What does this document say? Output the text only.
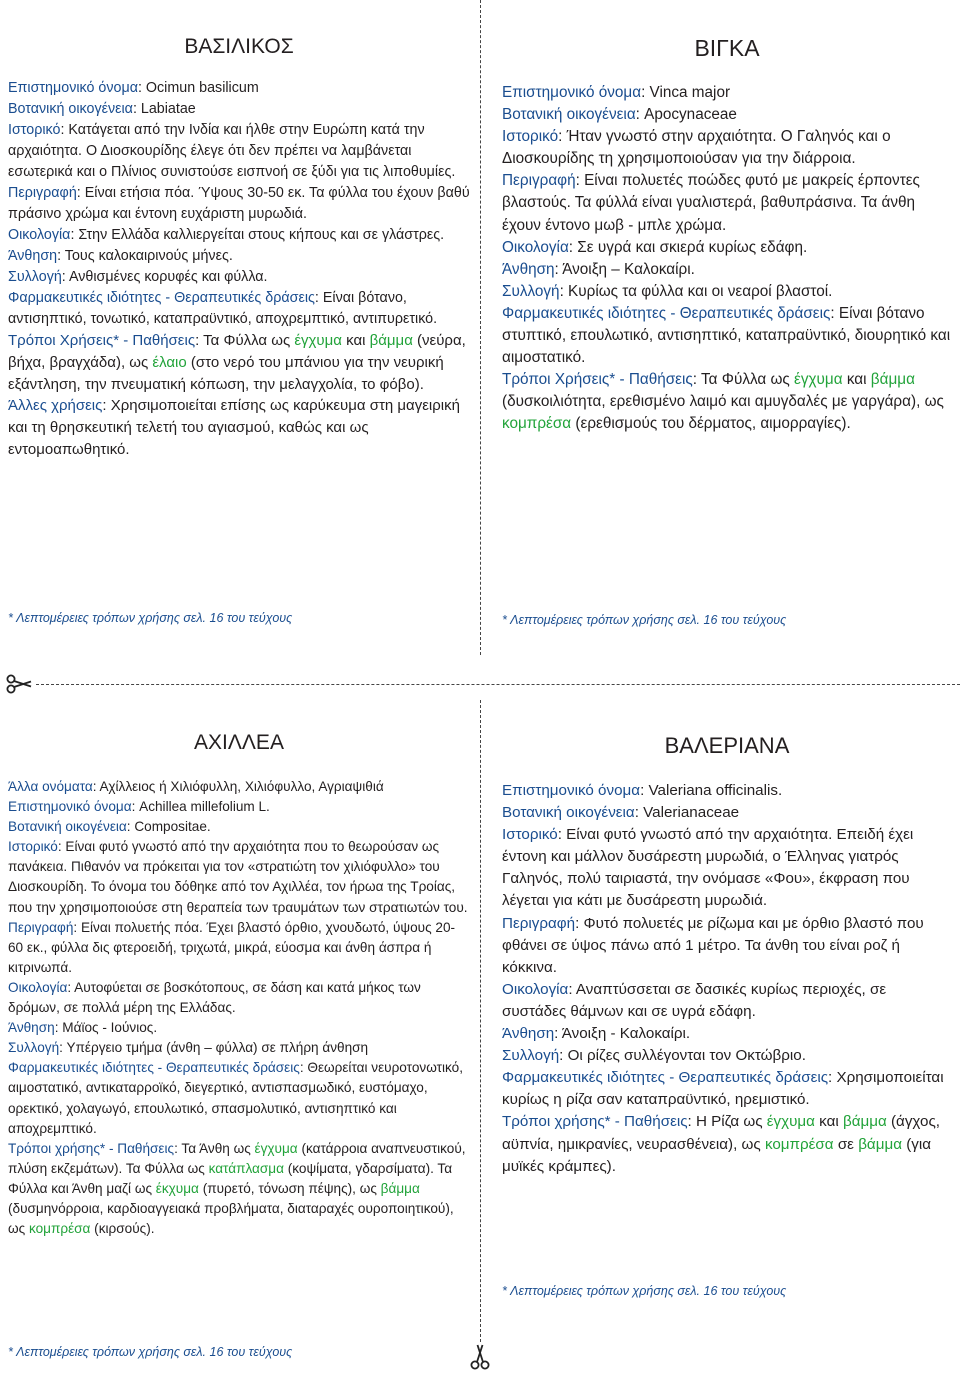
ΒΑΣΙΛΙΚΟΣ

Επιστημονικό όνομα: Ocimun basilicum

Βοτανική οικογένεια: Labiatae

Ιστορικό: Κατάγεται από την Ινδία και ήλθε στην Ευρώπη κατά την αρχαιότητα. Ο Διοσκουρίδης έλεγε ότι δεν πρέπει να λαμβάνεται εσωτερικά και ο Πλίνιος συνιστούσε εισπνοή σε ξύδι για τις λιποθυμίες.

Περιγραφή: Είναι ετήσια πόα. Ύψους 30-50 εκ. Τα φύλλα του έχουν βαθύ πράσινο χρώμα και έντονη ευχάριστη μυρωδιά.

Οικολογία: Στην Ελλάδα καλλιεργείται στους κήπους και σε γλάστρες.

Άνθηση: Τους καλοκαιρινούς μήνες.

Συλλογή: Ανθισμένες κορυφές και φύλλα.

Φαρμακευτικές ιδιότητες - Θεραπευτικές δράσεις: Είναι βότανο, αντισηπτικό, τονωτικό, καταπραϋντικό, αποχρεμπτικό, αντιπυρετικό.

Τρόποι Χρήσεις* - Παθήσεις: Τα Φύλλα ως έγχυμα και βάμμα (νεύρα, βήχα, βραγχάδα), ως έλαιο (στο νερό του μπάνιου για την νευρική εξάντληση, την πνευματική κόπωση, την μελαγχολία, το φόβο).

Άλλες χρήσεις: Χρησιμοποιείται επίσης ως καρύκευμα στη μαγειρική και τη θρησκευτική τελετή του αγιασμού, καθώς και ως εντομοαπωθητικό.

* Λεπτομέρειες τρόπων χρήσης σελ. 16 του τεύχους

ΒΙΓΚΑ

Επιστημονικό όνομα: Vinca major

Βοτανική οικογένεια: Apocynaceae

Ιστορικό: Ήταν γνωστό στην αρχαιότητα. Ο Γαληνός και ο Διοσκουρίδης τη χρησιμοποιούσαν για την διάρροια.

Περιγραφή: Είναι πολυετές ποώδες φυτό με μακρείς έρποντες βλαστούς. Τα φύλλά είναι γυαλιστερά, βαθυπράσινα. Τα άνθη έχουν έντονο μωβ - μπλε χρώμα.

Οικολογία: Σε υγρά και σκιερά κυρίως εδάφη.

Άνθηση: Άνοιξη – Καλοκαίρι.

Συλλογή: Κυρίως τα φύλλα και οι νεαροί βλαστοί.

Φαρμακευτικές ιδιότητες - Θεραπευτικές δράσεις: Είναι βότανο στυπτικό, επουλωτικό, αντισηπτικό, καταπραϋντικό, διουρητικό και αιμοστατικό.

Τρόποι Χρήσεις* - Παθήσεις: Τα Φύλλα ως έγχυμα και βάμμα (δυσκοιλιότητα, ερεθισμένο λαιμό και αμυγδαλές με γαργάρα), ως κομπρέσα (ερεθισμούς του δέρματος, αιμορραγίες).

* Λεπτομέρειες τρόπων χρήσης σελ. 16 του τεύχους

ΑΧΙΛΛΕΑ

Άλλα ονόματα: Αχίλλειος ή Χιλιόφυλλη, Χιλιόφυλλο, Αγριαψιθιά

Επιστημονικό όνομα: Achillea millefolium L.

Βοτανική οικογένεια: Compositae.

Ιστορικό: Είναι φυτό γνωστό από την αρχαιότητα που το θεωρούσαν ως πανάκεια. Πιθανόν να πρόκειται για τον «στρατιώτη τον χιλιόφυλλο» του Διοσκουρίδη. Το όνομα του δόθηκε από τον Αχιλλέα, τον ήρωα της Τροίας, που την χρησιμοποιούσε στη θεραπεία των τραυμάτων των στρατιωτών του.

Περιγραφή: Είναι πολυετής πόα. Έχει βλαστό όρθιο, χνουδωτό, ύψους 20-60 εκ., φύλλα δις φτεροειδή, τριχωτά, μικρά, εύοσμα και άνθη άσπρα ή κιτρινωπά.

Οικολογία: Αυτοφύεται σε βοσκότοπους, σε δάση και κατά μήκος των δρόμων, σε πολλά μέρη της Ελλάδας.

Άνθηση: Μάϊος - Ιούνιος.

Συλλογή: Υπέργειο τμήμα (άνθη – φύλλα) σε πλήρη άνθηση

Φαρμακευτικές ιδιότητες - Θεραπευτικές δράσεις: Θεωρείται νευροτονωτικό, αιμοστατικό, αντικαταρροϊκό, διεγερτικό, αντισπασμωδικό, ευστόμαχο, ορεκτικό, χολαγωγό, επουλωτικό, σπασμολυτικό, αντισηπτικό και αποχρεμπτικό.

Τρόποι χρήσης* - Παθήσεις: Τα Άνθη ως έγχυμα (κατάρροια αναπνευστικού, πλύση εκζεμάτων). Τα Φύλλα ως κατάπλασμα (κοψίματα, γδαρσίματα). Τα Φύλλα και Άνθη μαζί ως έκχυμα (πυρετό, τόνωση πέψης), ως βάμμα (δυσμηνόρροια, καρδιοαγγειακά προβλήματα, διαταραχές ουροποιητικού), ως κομπρέσα (κιρσούς).

* Λεπτομέρειες τρόπων χρήσης σελ. 16 του τεύχους

ΒΑΛΕΡΙΑΝΑ

Επιστημονικό όνομα: Valeriana officinalis.

Βοτανική οικογένεια: Valerianaceae

Ιστορικό: Είναι φυτό γνωστό από την αρχαιότητα. Επειδή έχει έντονη και μάλλον δυσάρεστη μυρωδιά, ο Έλληνας γιατρός Γαληνός, πολύ ταιριαστά, την ονόμασε «Φου», έκφραση που λέγεται για κάτι με δυσάρεστη μυρωδιά.

Περιγραφή: Φυτό πολυετές με ρίζωμα και με όρθιο βλαστό που φθάνει σε ύψος πάνω από 1 μέτρο. Τα άνθη του είναι ροζ ή κόκκινα.

Οικολογία: Αναπτύσσεται σε δασικές κυρίως περιοχές, σε συστάδες θάμνων και σε υγρά εδάφη.

Άνθηση: Άνοιξη - Καλοκαίρι.

Συλλογή: Οι ρίζες συλλέγονται τον Οκτώβριο.

Φαρμακευτικές ιδιότητες - Θεραπευτικές δράσεις: Χρησιμοποιείται κυρίως η ρίζα σαν καταπραϋντικό, ηρεμιστικό.

Τρόποι χρήσης* - Παθήσεις: Η Ρίζα ως έγχυμα και βάμμα (άγχος, αϋπνία, ημικρανίες, νευρασθένεια), ως κομπρέσα σε βάμμα (για μυϊκές κράμπες).

* Λεπτομέρειες τρόπων χρήσης σελ. 16 του τεύχους
